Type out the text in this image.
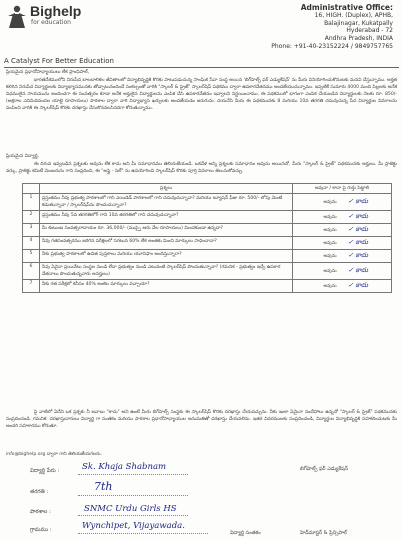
Bighelp
for education
A Catalyst For Better Education
Administrative Office:
16, HIGH. (Duplex), APHB,
Balajinagar, Kukatpally
Hyderabad - 72
Andhra Pradesh, INDIA
Phone: +91-40-23152224 / 9849757765
ప్రియమైన ప్రధానోపాధ్యాయులు లేక ప్రాంఛిపాల్,
భారతదేశములోని నిరుపేద బాలబాలికల జీవితాలలో విద్యాభివృద్ధికి కొరకు పాటుపడుచున్న సాంఘిక సేవా సంస్థ అయిన 'బిగ్‌హెల్ప్ ఫర్ ఎడ్యుకేషన్' ను మీరు వినియోగించుకొనుటకు మనవి చేస్తున్నాము. అర్హత కలిగిన నిరుపేద విద్యార్థులకు విద్యాభ్యాసమునకు తోడ్పాటునందించే సంకల్పంతో వారికి "స్కాలర్ & ప్రైజ్" స్కాలర్‌షిప్ పథకము ద్వారా ఉపకారవేతనము అందజేయుచున్నాము. ఇప్పటికే సుమారు 4000 మంది పిల్లలకు అనేక విధములైన సాయమును అందించగా ఈ సంవత్సరం కూడా అనేక అర్హులైన విద్యార్థులను ఎంపిక చేసి ఉపకారవేతనం ఇవ్వాలని నిర్ణయించాము. ఈ పథకములో భాగంగా ఎంపిక చేయబడిన విద్యార్థులకు నెలకు రూ. 850/- (అక్షరాల ఎనిమిదివందల యాభై రూపాయలు) పాఠశాల ద్వారా వారి విద్యాభ్యాస ఖర్చులకు అందజేయడం జరుగును. దయచేసి మీరు ఈ పథకమునకు 8 మరియు 10వ తరగతి చదువుచున్న పేద విద్యార్థుల వివరాలను పంపించి వారికి ఈ స్కాలర్‌షిప్ కొరకు దరఖాస్తు చేసుకొనవలసినదిగా కోరుతున్నాము.
ప్రియమైన విద్యార్థి,
ఈ దిగువ ఇవ్వబడిన ప్రశ్నలకు అవును లేక కాదు అని మీ సమాధానము తెలియజేయండి. ఒకవేళ అన్ని ప్రశ్నలకు సమాధానం అవును అయినచో, మీరు "స్కాలర్ & ప్రైజ్" పథకమునకు అర్హులు. మీ ప్రాజెక్టు వర్కు, ప్రాజెక్టు కమిటీ మెంబరును గాని సంప్రదించి, ఈ "అప్లై - సెల్" ను ఉపయోగించి స్కాలర్‌షిప్ కొరకు పూర్తి వివరాలు తెలుసుకోవచ్చు.
	ప్రశ్నలు	అవునా / కాదా పై గుర్తు పెట్టాలి
1	ప్రస్తుతము నీవు ప్రభుత్వ పాఠశాలలో గాని ఎయిడెడ్ పాఠశాలలో గాని చదువుచున్నావా? మరియు ట్యూషన్ ఫీజు రూ. 500/- లోపు మెంటి కడుతున్నావా / స్కాలర్‌షిప్‌ను పొందుచున్నావా?	అవును ✓ కాదు
2	ప్రస్తుతము నీవు 5వ తరగతిలోగ్ గాని 10వ తరగతిలో గాని చదువుచున్నావా?	అవును ✓ కాదు
3	మీ కుటుంబ సంవత్సరాదాయం రూ. 36,000/- (ముప్పై ఆరు వేల రూపాయలు) మించకుండా ఉన్నదా?	అవును ✓ కాదు
4	నీవు గతసంవత్సరము జరిగిన పరీక్షలలో సగటున 60% లేక అంతకు మించి మార్కులు సాధించావా?	అవును ✓ కాదు
5	నీకు ప్రభుత్వ పాఠశాలలో ఉచిత పుస్తకాలు మరియు యూనిఫాం అందిస్తున్నారా?	అవును ✓ కాదు
6	నీవు ఏవైనా ప్రయివేటు సంస్థల నుండి లేదా ప్రభుత్వం నుండి ఎటువంటి స్కాలర్‌షిప్ పొందుతున్నావా? (గమనిక - ప్రభుత్వం ఇచ్చే ఉపకార వేతనాలు పొందుతున్నవారు అనర్హులు)	అవును ✓ కాదు
7	నీకు గత పరీక్షలో కనీసం 40% అంకెల మార్కులు వచ్చాయా?	అవును ✓ కాదు
పై వాటిలో ఏదేని ఒక ప్రశ్నకు నీ జవాబు "కాదు" అని ఉంటే మీరు బిగ్‌హెల్ప్ సంస్థకు ఈ స్కాలర్‌షిప్ కొరకు దరఖాస్తు చేయవచ్చును. నీకు ఇంకా ఏమైనా సందేహాలు ఉన్నచో "స్కాలర్ & ప్రైజ్" పథకమునకు సంప్రదించండి. గమనిక: దరఖాస్తుదారులు విద్యార్థి గా సంతకం మరియు పాఠశాల ప్రధానోపాధ్యాయుల అనుమతితో దరఖాస్తు చేయవలెను. ఇతర వివరములకు సంప్రదించండి, విద్యార్థుల విద్యాభివృద్ధికి సహకరించుటకు మీ అందరి సహకారము కోరుతూ.
info@bighelp.org ద్వారా గాని తెలియజేయగలరు.
విద్యార్థి పేరు :	Sk. Khaja Shabnam
తరగతి :	7th
పాఠశాల :	SNMC Urdu Girls HS
గ్రామము :	Wynchipet, Vijayawada.
బిగ్‌హెల్ప్ ఫర్ ఎడ్యుకేషన్
హెడ్‌మాస్టర్ & ప్రిన్సిపాల్
విద్యార్థి సంతకం
